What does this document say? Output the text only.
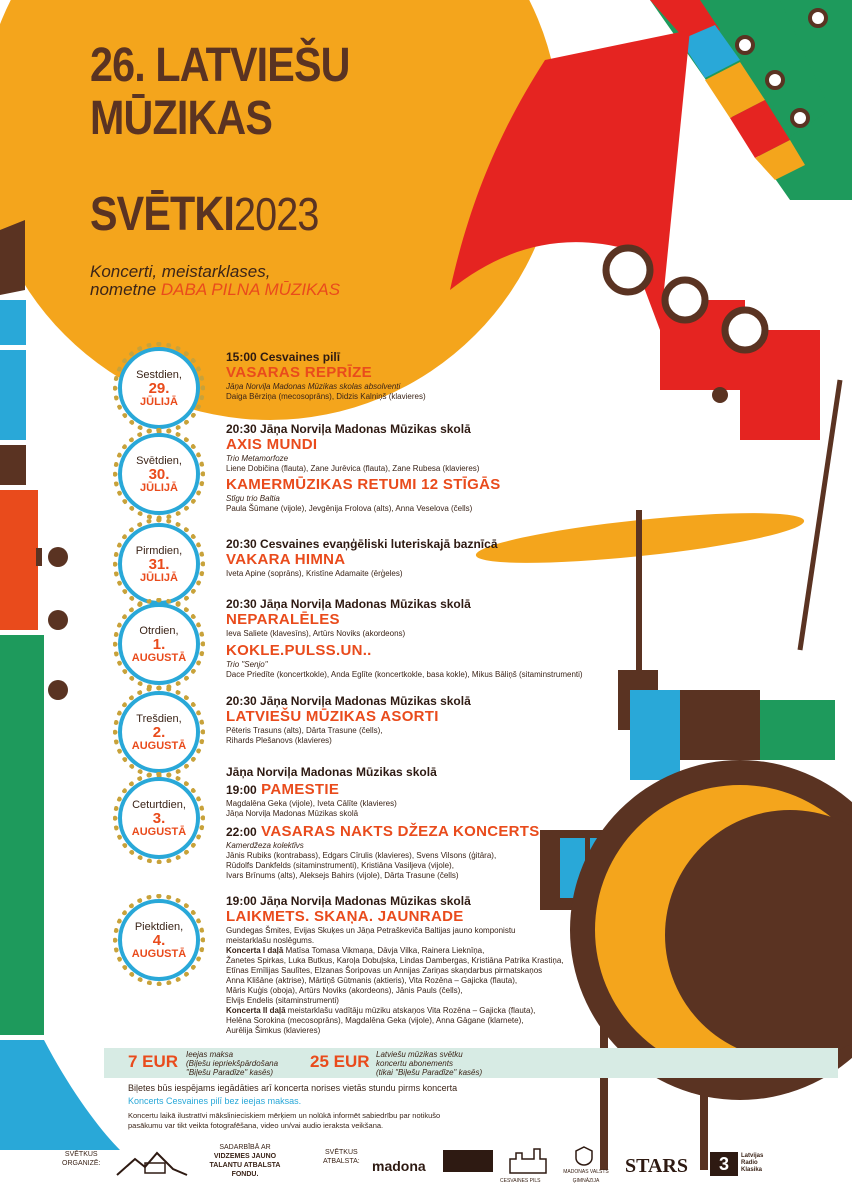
26. LATVIEŠU
MŪZIKAS
SVĒTKI2023
Koncerti, meistarklases,
nometne DABA PILNA MŪZIKAS
Sestdien,
29.
JŪLIJĀ
Svētdien,
30.
JŪLIJĀ
Pirmdien,
31.
JŪLIJĀ
Otrdien,
1.
AUGUSTĀ
Trešdien,
2.
AUGUSTĀ
Ceturtdien,
3.
AUGUSTĀ
Piektdien,
4.
AUGUSTĀ
15:00 Cesvaines pilī
VASARAS REPRĪZE
Jāņa Norviļa Madonas Mūzikas skolas absolventi
Daiga Bērziņa (mecosoprāns), Didzis Kalniņš (klavieres)
20:30 Jāņa Norviļa Madonas Mūzikas skolā
AXIS MUNDI
Trio Metamorfoze
Liene Dobičina (flauta), Zane Jurēvica (flauta), Zane Rubesa (klavieres)
KAMERMŪZIKAS RETUMI 12 STĪGĀS
Stīgu trio Baltia
Paula Šūmane (vijole), Jevgēnija Frolova (alts), Anna Veselova (čells)
20:30 Cesvaines evaņģēliski luteriskajā baznīcā
VAKARA HIMNA
Iveta Apine (soprāns), Kristīne Adamaite (ērģeles)
20:30 Jāņa Norviļa Madonas Mūzikas skolā
NEPARALĒLES
Ieva Saliete (klavesīns), Artūrs Noviks (akordeons)
KOKLE.PULSS.UN..
Trio "Senjo"
Dace Priedīte (koncertkokle), Anda Eglīte (koncertkokle, basa kokle), Mikus Bāliņš (sitaminstrumenti)
20:30 Jāņa Norviļa Madonas Mūzikas skolā
LATVIEŠU MŪZIKAS ASORTI
Pēteris Trasuns (alts), Dārta Trasune (čells),
Rihards Plešanovs (klavieres)
Jāņa Norviļa Madonas Mūzikas skolā
19:00 PAMESTIE
Magdalēna Geka (vijole), Iveta Cālīte (klavieres)
Jāņa Norviļa Madonas Mūzikas skolā
22:00 VASARAS NAKTS DŽEZA KONCERTS
Kamerdžeza kolektīvs
Jānis Rubiks (kontrabass), Edgars Cīrulis (klavieres), Svens Vilsons (ģitāra),
Rūdolfs Dankfelds (sitaminstrumenti), Kristiāna Vasiljeva (vijole),
Ivars Brīnums (alts), Aleksejs Bahirs (vijole), Dārta Trasune (čells)
19:00 Jāņa Norviļa Madonas Mūzikas skolā
LAIKMETS. SKAŅA. JAUNRADE
Gundegas Šmites, Evijas Skuķes un Jāņa Petraškeviča Baltijas jauno komponistu
meistarklašu noslēgums.
Koncerta I daļā Matīsa Tomasa Vikmaņa, Dāvja Vilka, Rainera Lieknīņa,
Žanetes Spirkas, Luka Butkus, Karoļa Dobuļska, Lindas Dambergas, Kristiānа Patrika Krastiņa,
Etīnas Emīlijas Saulītes, Elzanas Šoripovas un Annijas Zariņas skaņdarbus pirmatskaņos
Anna Klišāne (aktrise), Mārtiņš Gūtmanis (aktieris), Vita Rozēna – Gajicka (flauta),
Māris Kuģis (oboja), Artūrs Noviks (akordeons), Jānis Pauls (čells),
Elvijs Endelis (sitaminstrumenti)
Koncerta II daļā meistarklašu vadītāju mūziku atskaņos Vita Rozēna – Gajicka (flauta),
Helēna Sorokina (mecosoprāns), Magdalēna Geka (vijole), Anna Gāgane (klarnete),
Aurēlija Šimkus (klavieres)
7 EUR Ieejas maksa
(Biļešu iepriekšpārdošana
"Biļešu Paradīze" kasēs)
25 EUR Latviešu mūzikas svētku
koncertu abonements
(tikai "Biļešu Paradīze" kasēs)
Biļetes būs iespējams iegādāties arī koncerta norises vietās stundu pirms koncerta
Koncerts Cesvaines pilī bez ieejas maksas.
Koncertu laikā ilustratīvi mākslinieciskiem mērķiem un nolūkā informēt sabiedrību par notikušo
pasākumu var tikt veikta fotografēšana, video un/vai audio ieraksta veikšana.
SVĒTKUS
ORGANIZĒ:
SADARBĪBĀ AR
VIDZEMES JAUNO
TALANTU ATBALSTA
FONDU.
SVĒTKUS
ATBALSTA: madona
CESVAINES PILS
MADONAS VALSTS ĢIMNĀZIJA
STARS	3	Latvijas
Radio
Klasika
